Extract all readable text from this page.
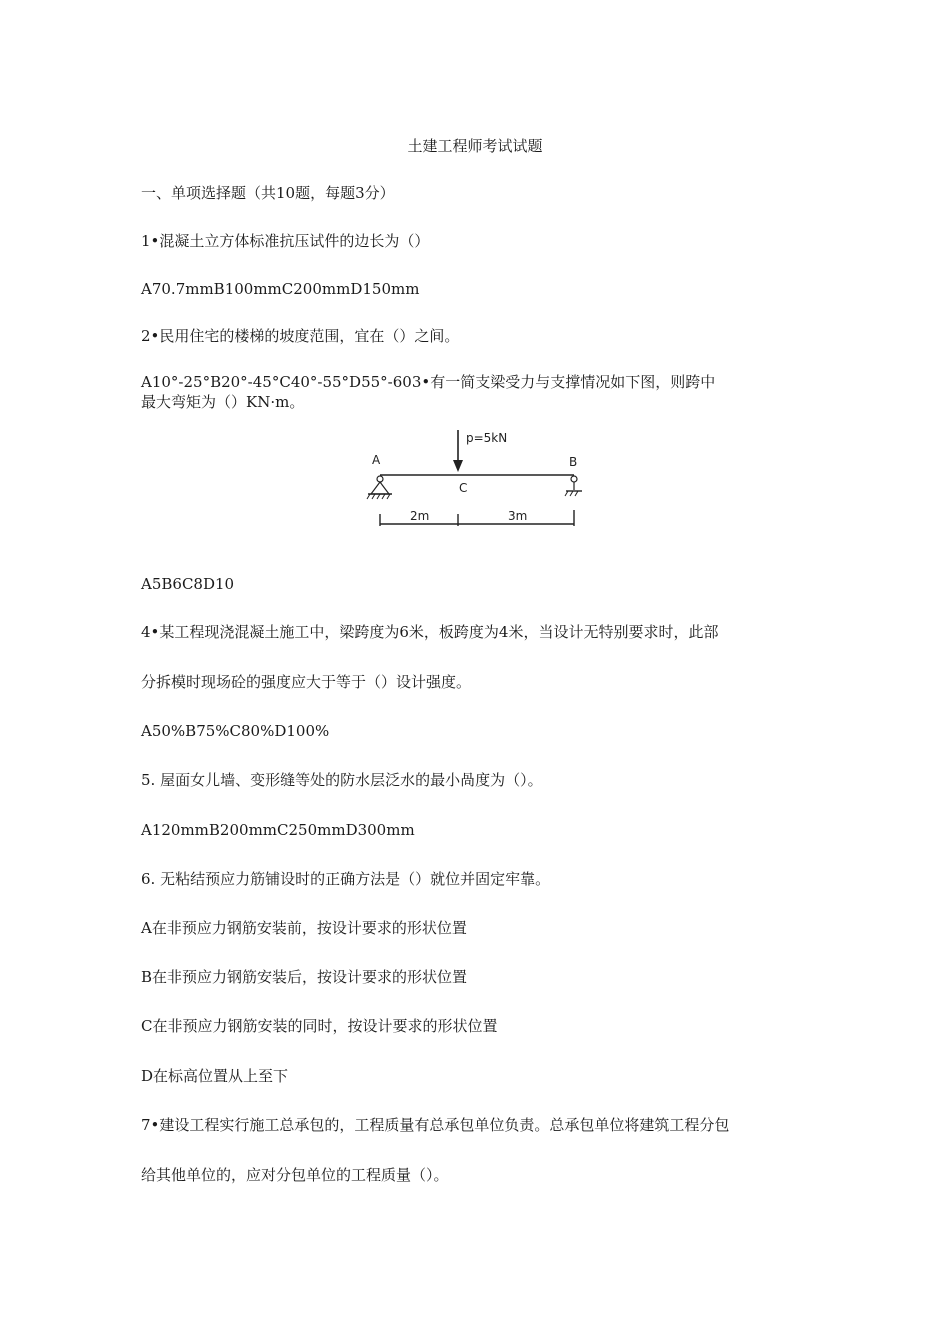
土建工程师考试试题
一、单项选择题（共10题，每题3分）
1•混凝土立方体标准抗压试件的边长为（）
A70.7mmB100mmC200mmD150mm
2•民用住宅的楼梯的坡度范围，宜在（）之间。
A10°-25°B20°-45°C40°-55°D55°-603•有一简支梁受力与支撑情况如下图，则跨中
最大弯矩为（）KN·m。
p=5kN
A
C
B
2m	3m
A5B6C8D10
4•某工程现浇混凝土施工中，梁跨度为6米，板跨度为4米，当设计无特别要求时，此部
分拆模时现场砼的强度应大于等于（）设计强度。
A50%B75%C80%D100%
5. 屋面女儿墙、变形缝等处的防水层泛水的最小咼度为（）。
A120mmB200mmC250mmD300mm
6. 无粘结预应力筋铺设时的正确方法是（）就位并固定牢靠。
A在非预应力钢筋安装前，按设计要求的形状位置
B在非预应力钢筋安装后，按设计要求的形状位置
C在非预应力钢筋安装的同时，按设计要求的形状位置
D在标高位置从上至下
7•建设工程实行施工总承包的，工程质量有总承包单位负责。总承包单位将建筑工程分包
给其他单位的，应对分包单位的工程质量（）。
